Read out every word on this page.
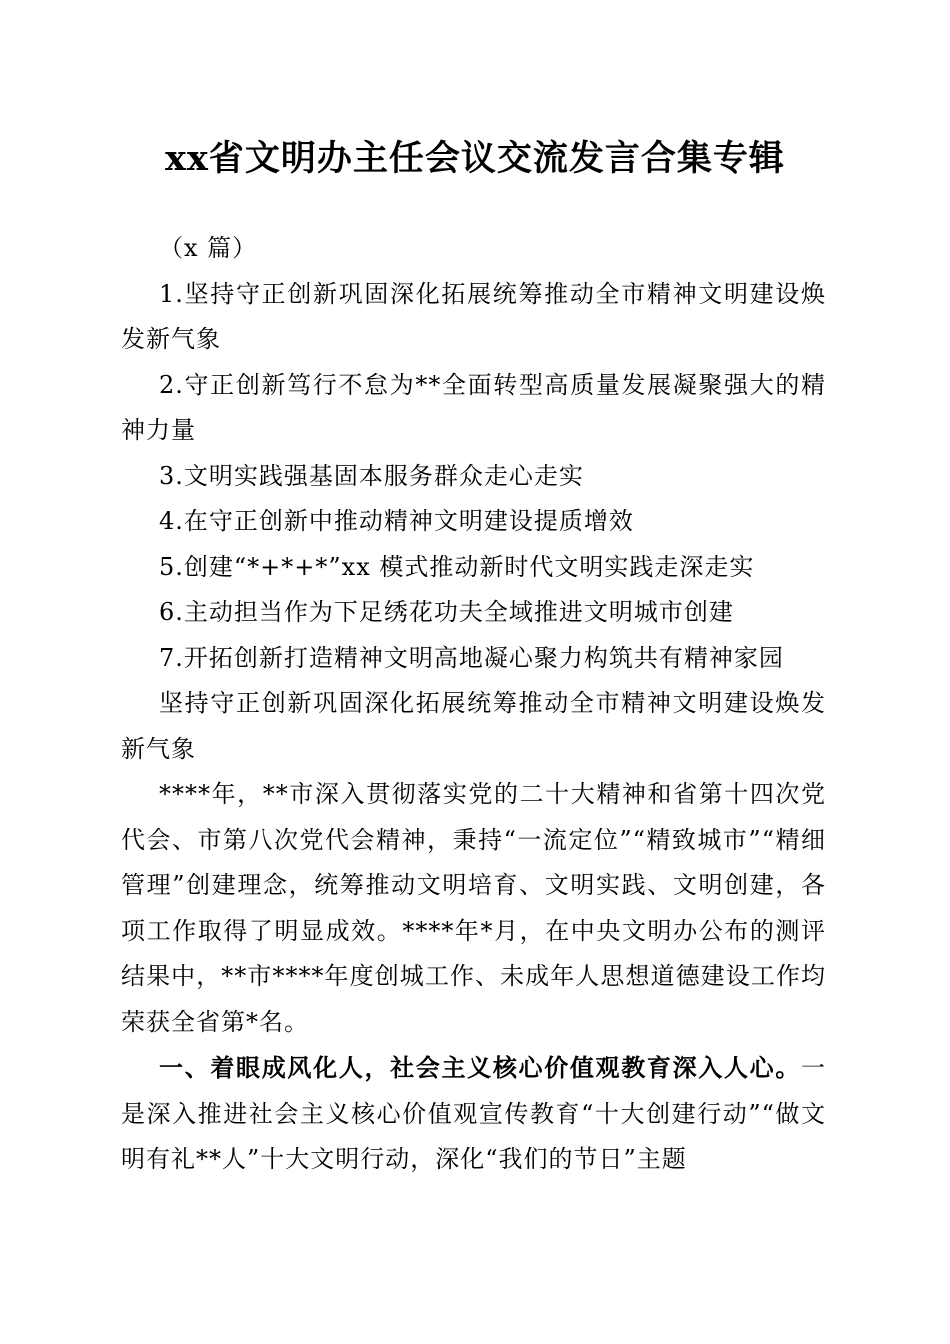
xx省文明办主任会议交流发言合集专辑

（x 篇）

1.坚持守正创新巩固深化拓展统筹推动全市精神文明建设焕发新气象

2.守正创新笃行不怠为**全面转型高质量发展凝聚强大的精神力量

3.文明实践强基固本服务群众走心走实

4.在守正创新中推动精神文明建设提质增效

5.创建“*+*+*”xx 模式推动新时代文明实践走深走实

6.主动担当作为下足绣花功夫全域推进文明城市创建

7.开拓创新打造精神文明高地凝心聚力构筑共有精神家园

坚持守正创新巩固深化拓展统筹推动全市精神文明建设焕发新气象

****年，**市深入贯彻落实党的二十大精神和省第十四次党代会、市第八次党代会精神，秉持“一流定位”“精致城市”“精细管理”创建理念，统筹推动文明培育、文明实践、文明创建，各项工作取得了明显成效。****年*月，在中央文明办公布的测评结果中，**市****年度创城工作、未成年人思想道德建设工作均荣获全省第*名。

一、着眼成风化人，社会主义核心价值观教育深入人心。一是深入推进社会主义核心价值观宣传教育“十大创建行动”“做文明有礼**人”十大文明行动，深化“我们的节日”主题
